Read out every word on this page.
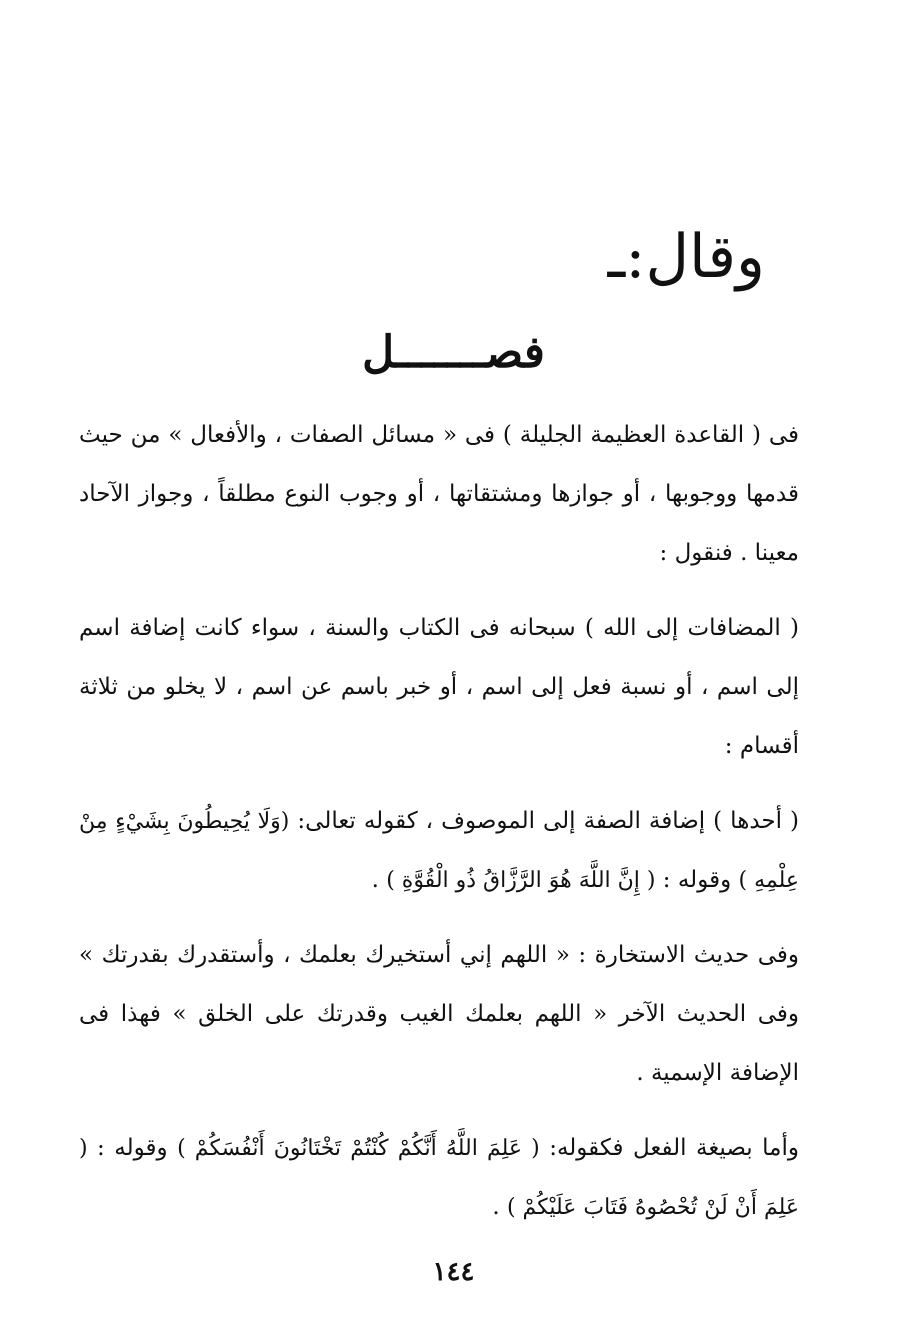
وقال:ـ
فصـــــــل

فى ( القاعدة العظيمة الجليلة ) فى « مسائل الصفات ، والأفعال » من حيث قدمها ووجوبها ، أو جوازها ومشتقاتها ، أو وجوب النوع مطلقاً ، وجواز الآحاد معينا . فنقول :

( المضافات إلى الله ) سبحانه فى الكتاب والسنة ، سواء كانت إضافة اسم إلى اسم ، أو نسبة فعل إلى اسم ، أو خبر باسم عن اسم ، لا يخلو من ثلاثة أقسام :

( أحدها ) إضافة الصفة إلى الموصوف ، كقوله تعالى: (وَلَا يُحِيطُونَ بِشَيْءٍ مِنْ عِلْمِهِ ) وقوله : ( إِنَّ اللَّهَ هُوَ الرَّزَّاقُ ذُو الْقُوَّةِ ) .

وفى حديث الاستخارة : « اللهم إني أستخيرك بعلمك ، وأستقدرك بقدرتك » وفى الحديث الآخر « اللهم بعلمك الغيب وقدرتك على الخلق » فهذا فى الإضافة الإسمية .

وأما بصيغة الفعل فكقوله: ( عَلِمَ اللَّهُ أَنَّكُمْ كُنْتُمْ تَخْتَانُونَ أَنْفُسَكُمْ ) وقوله : ( عَلِمَ أَنْ لَنْ تُحْصُوهُ فَتَابَ عَلَيْكُمْ ) .

١٤٤
